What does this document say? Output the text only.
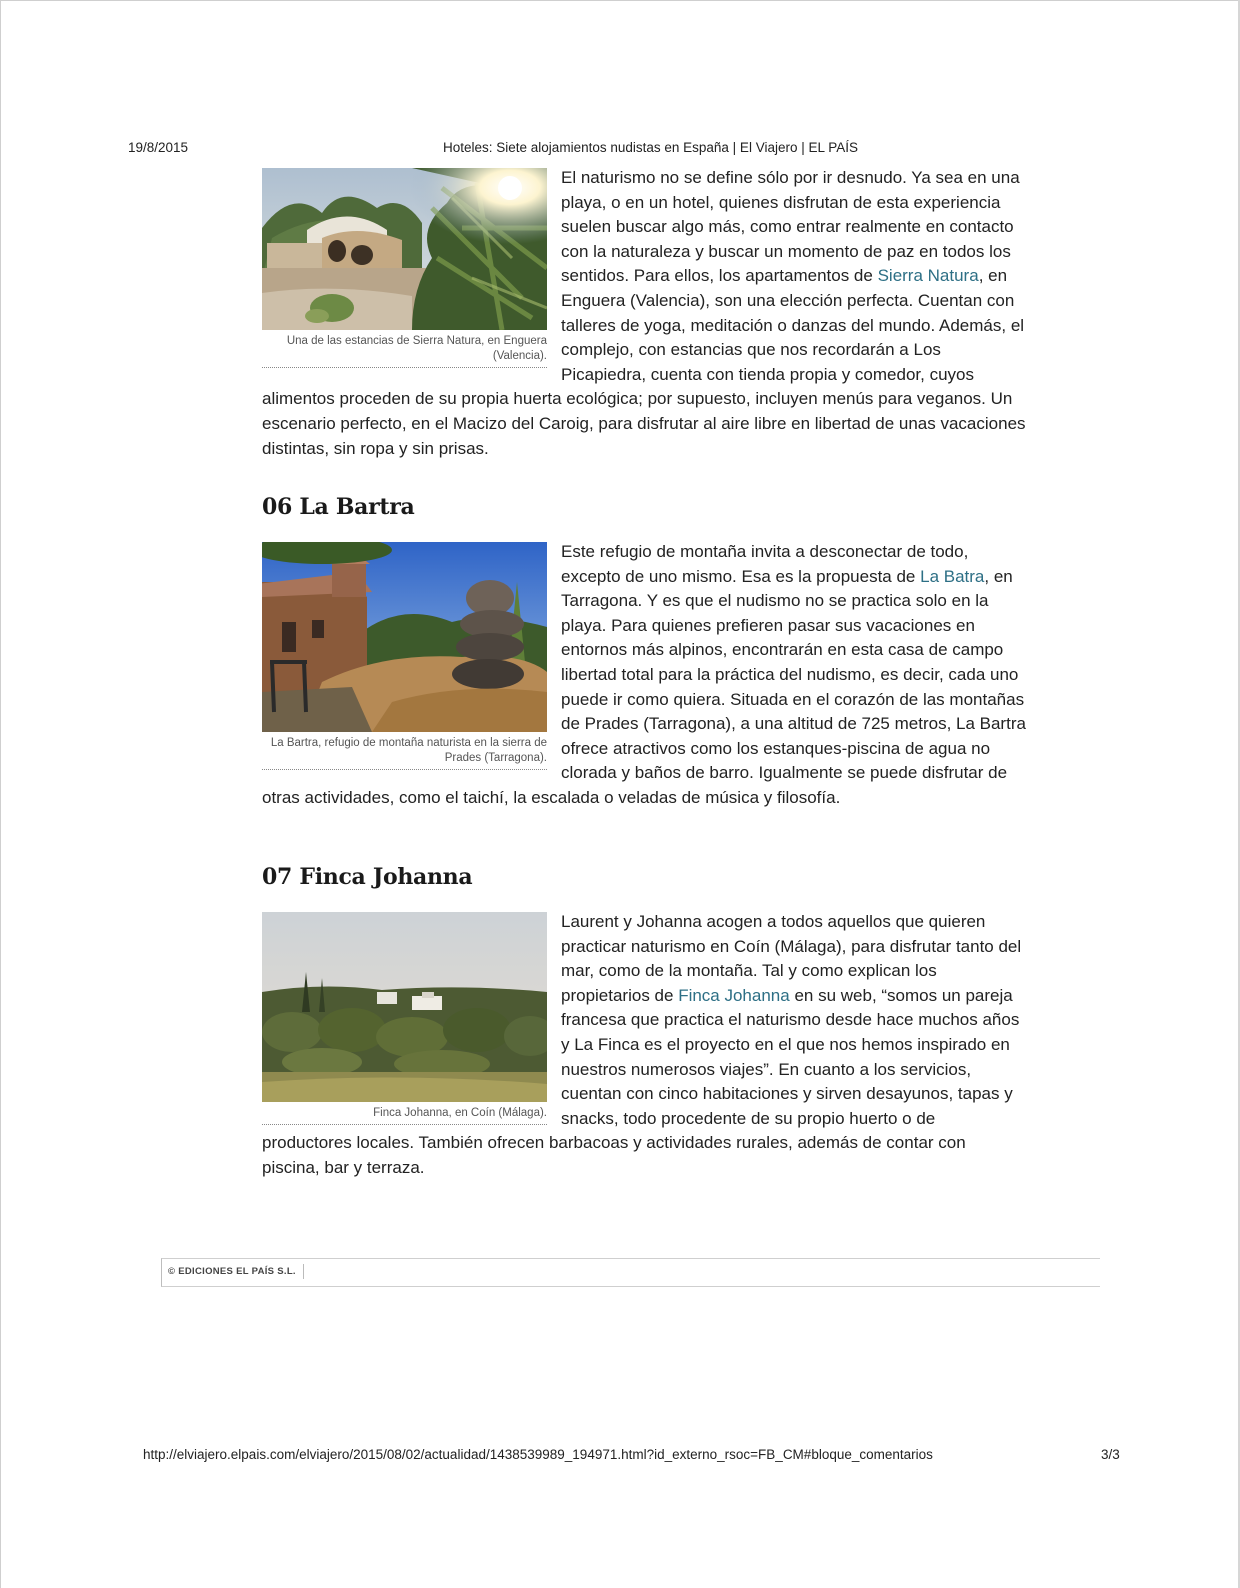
19/8/2015	Hoteles: Siete alojamientos nudistas en España | El Viajero | EL PAÍS
Una de las estancias de Sierra Natura, en Enguera (Valencia).

El naturismo no se define sólo por ir desnudo. Ya sea en una playa, o en un hotel, quienes disfrutan de esta experiencia suelen buscar algo más, como entrar realmente en contacto con la naturaleza y buscar un momento de paz en todos los sentidos. Para ellos, los apartamentos de Sierra Natura, en Enguera (Valencia), son una elección perfecta. Cuentan con talleres de yoga, meditación o danzas del mundo. Además, el complejo, con estancias que nos recordarán a Los Picapiedra, cuenta con tienda propia y comedor, cuyos alimentos proceden de su propia huerta ecológica; por supuesto, incluyen menús para veganos. Un escenario perfecto, en el Macizo del Caroig, para disfrutar al aire libre en libertad de unas vacaciones distintas, sin ropa y sin prisas.

06 La Bartra
La Bartra, refugio de montaña naturista en la sierra de Prades (Tarragona).

Este refugio de montaña invita a desconectar de todo, excepto de uno mismo. Esa es la propuesta de La Batra, en Tarragona. Y es que el nudismo no se practica solo en la playa. Para quienes prefieren pasar sus vacaciones en entornos más alpinos, encontrarán en esta casa de campo libertad total para la práctica del nudismo, es decir, cada uno puede ir como quiera. Situada en el corazón de las montañas de Prades (Tarragona), a una altitud de 725 metros, La Bartra ofrece atractivos como los estanques-piscina de agua no clorada y baños de barro. Igualmente se puede disfrutar de otras actividades, como el taichí, la escalada o veladas de música y filosofía.

07 Finca Johanna
Finca Johanna, en Coín (Málaga).

Laurent y Johanna acogen a todos aquellos que quieren practicar naturismo en Coín (Málaga), para disfrutar tanto del mar, como de la montaña. Tal y como explican los propietarios de Finca Johanna en su web, “somos un pareja francesa que practica el naturismo desde hace muchos años y La Finca es el proyecto en el que nos hemos inspirado en nuestros numerosos viajes”. En cuanto a los servicios, cuentan con cinco habitaciones y sirven desayunos, tapas y snacks, todo procedente de su propio huerto o de productores locales. También ofrecen barbacoas y actividades rurales, además de contar con piscina, bar y terraza.

© EDICIONES EL PAÍS S.L.
http://elviajero.elpais.com/elviajero/2015/08/02/actualidad/1438539989_194971.html?id_externo_rsoc=FB_CM#bloque_comentarios	3/3
